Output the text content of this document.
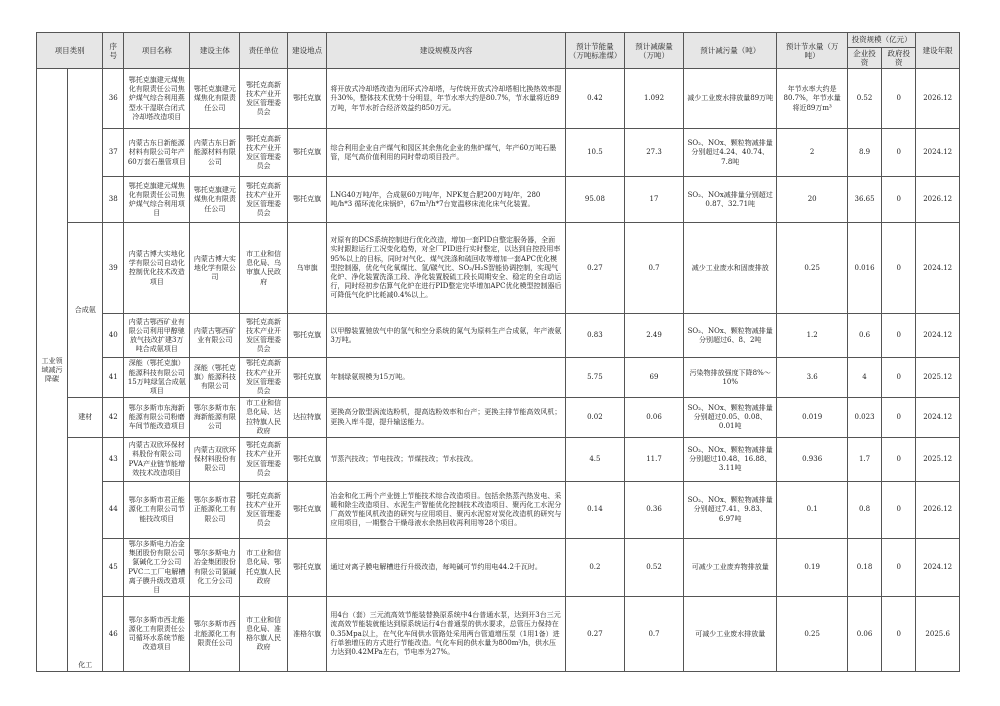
项目类别		序号	项目名称	建设主体	责任单位	建设地点	建设规模及内容	预计节能量（万吨标准煤）	预计减碳量（万吨）	预计减污量（吨）	预计节水量（万吨）	投资规模（亿元）		建设年限
												企业投资	政府投资	
工业领域减污降碳		36	鄂托克旗建元煤焦化有限责任公司焦炉煤气综合利用燕型水干湿联合闭式冷却塔改造项目	鄂托克旗建元煤焦化有限责任公司	鄂托克高新技术产业开发区管理委员会	鄂托克旗	将开放式冷却塔改造为闭环式冷却塔，与传统开放式冷却塔相比换热效率提升30%，整体技术优势十分明显，年节水率大约是80.7%，节水量将近89万吨，年节水折合经济效益约850万元。	0.42	1.092	减少工业废水排放量89万吨	年节水率大约是80.7%，年节水量将近89万m³	0.52	0	2026.12
		37	内蒙古东日新能源材料有限公司年产60万套石墨管项目	内蒙古东日新能源材料有限公司	鄂托克高新技术产业开发区管理委员会	鄂托克旗	综合利用企业自产煤气和园区其余焦化企业的焦炉煤气，年产60万吨石墨管，尾气高价值利用的同时带动项目投产。	10.5	27.3	SO₂、NOx、颗粒物减排量分别超过4.24、40.74、7.8吨	2	8.9	0	2024.12
		38	鄂托克旗建元煤焦化有限责任公司焦炉煤气综合利用项目	鄂托克旗建元煤焦化有限责任公司	鄂托克高新技术产业开发区管理委员会	鄂托克旗	LNG40万吨/年，合成氨60万吨/年，NPK复合肥200万吨/年，280吨/h*3 循环流化床锅炉，67m³/h*7台宽温移床流化床气化装置。	95.08	17	SO₂、NOx减排量分别超过0.87、32.71吨	20	36.65	0	2026.12
	合成氨	39	内蒙古博大实地化学有限公司自动化控制优化技术改造项目	内蒙古博大实地化学有限公司	市工业和信息化局、乌审旗人民政府	乌审旗	对原有的DCS系统控制进行优化改造，增加一套PID自整定服务器，全面实时跟踪运行工况变化趋势，对全厂PID进行实时整定，以达到自控投用率95%以上的目标，同时对气化、煤气洗涤和硫回收等增加一套APC优化模型控制器，优化气化氧煤比、氢/碳气比、SO₂/H₂S智能协调控制，实现气化炉、净化装置洗涤工段、净化装置脱硫工段长周期安全、稳定的全自动运行，同时经初步估算气化炉在进行PID整定完毕增加APC优化模型控制器后可降低气化炉比耗减0.4%以上。	0.27	0.7	减少工业废水和固废排放	0.25	0.016	0	2024.12
		40	内蒙古鄂西矿业有限公司利用甲醇驰放气技改扩建3万吨合成氨项目	内蒙古鄂西矿业有限公司	鄂托克高新技术产业开发区管理委员会	鄂托克旗	以甲醇装置驰放气中的氢气和空分系统的氮气为原料生产合成氨，年产液氨3万吨。	0.83	2.49	SO₂、NOx、颗粒物减排量分别超过6、8、2吨	1.2	0.6	0	2024.12
		41	深能（鄂托克旗）能源科技有限公司15万吨绿氢合成氨项目	深能（鄂托克旗）能源科技有限公司	鄂托克高新技术产业开发区管理委员会	鄂托克旗	年制绿氨规模为15万吨。	5.75	69	污染物排放强度下降8%～10%	3.6	4	0	2025.12
	建材	42	鄂尔多斯市东海新能源有限公司粉磨车间节能改造项目	鄂尔多斯市东海新能源有限公司	市工业和信息化局、达拉特旗人民政府	达拉特旗	更换高分散型涡流选粉机，提高选粉效率和台产；更换主排节能高效风机；更换入库斗提，提升输送能力。	0.02	0.06	SO₂、NOx、颗粒物减排量分别超过0.05、0.08、0.01吨	0.019	0.023	0	2024.12
	化工	43	内蒙古双欣环保材料股份有限公司PVA产业链节能增效技术改造项目	内蒙古双欣环保材料股份有限公司	鄂托克高新技术产业开发区管理委员会	鄂托克旗	节蒸汽技改；节电技改；节煤技改；节水技改。	4.5	11.7	SO₂、NOx、颗粒物减排量分别超过10.48、16.88、3.11吨	0.936	1.7	0	2025.12
		44	鄂尔多斯市君正能源化工有限公司节能技改项目	鄂尔多斯市君正能源化工有限公司	鄂托克高新技术产业开发区管理委员会	鄂托克旗	冶金和化工两个产业链上节能技术综合改造项目。包括余热蒸汽热发电、采暖和除尘改造项目、水泥生产智能优化控制技术改造项目、聚丙化工水泥分厂高效节能风机改造的研究与应用项目、聚丙水泥窑对炭化改造机的研究与应用项目，一期整合干燥母液水余热回收再利用等28个项目。	0.14	0.36	SO₂、NOx、颗粒物减排量分别超过7.41、9.83、6.97吨	0.1	0.8	0	2026.12
		45	鄂尔多斯电力冶金集团股份有限公司氯碱化工分公司PVC二工厂电解槽离子膜升级改造项目	鄂尔多斯电力冶金集团股份有限公司氯碱化工分公司	市工业和信息化局、鄂托克旗人民政府	鄂托克旗	通过对离子膜电解槽进行升级改造，每吨碱可节约用电44.2千瓦时。	0.2	0.52	可减少工业废弃物排放量	0.19	0.18	0	2024.12
		46	鄂尔多斯市西北能源化工有限责任公司循环水系统节能改造项目	鄂尔多斯市西北能源化工有限责任公司	市工业和信息化局、准格尔旗人民政府	准格尔旗	用4台（套）三元流高效节能装替换原系统中4台普通水泵，达到开3台三元流高效节能装就能达到原系统运行4台普通泵的供水要求，总管压力保持在0.35Mpa以上，在气化车间供水管路处采用两台管道增压泵（1用1备）进行单独增压的方式进行节能改造。气化车间的供水量为800m³/h，供水压力达到0.42MPa左右，节电率为27%。	0.27	0.7	可减少工业废水排放量	0.25	0.06	0	2025.6
